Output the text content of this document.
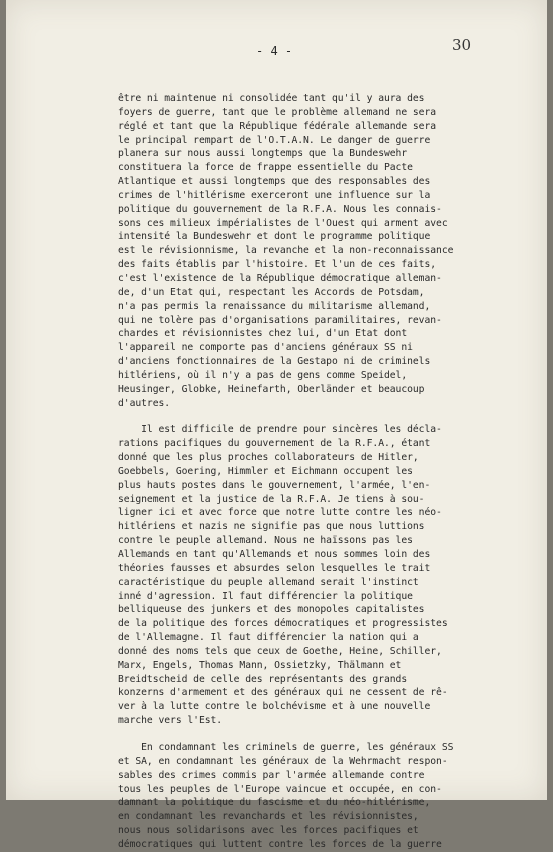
30
- 4 -
être ni maintenue ni consolidée tant qu'il y aura des
foyers de guerre, tant que le problème allemand ne sera
réglé et tant que la République fédérale allemande sera
le principal rempart de l'O.T.A.N. Le danger de guerre
planera sur nous aussi longtemps que la Bundeswehr
constituera la force de frappe essentielle du Pacte
Atlantique et aussi longtemps que des responsables des
crimes de l'hitlérisme exerceront une influence sur la
politique du gouvernement de la R.F.A. Nous les connais-
sons ces milieux impérialistes de l'Ouest qui arment avec
intensité la Bundeswehr et dont le programme politique
est le révisionnisme, la revanche et la non-reconnaissance
des faits établis par l'histoire. Et l'un de ces faits,
c'est l'existence de la République démocratique alleman-
de, d'un Etat qui, respectant les Accords de Potsdam,
n'a pas permis la renaissance du militarisme allemand,
qui ne tolère pas d'organisations paramilitaires, revan-
chardes et révisionnistes chez lui, d'un Etat dont
l'appareil ne comporte pas d'anciens généraux SS ni
d'anciens fonctionnaires de la Gestapo ni de criminels
hitlériens, où il n'y a pas de gens comme Speidel,
Heusinger, Globke, Heinefarth, Oberländer et beaucoup
d'autres.
Il est difficile de prendre pour sincères les décla-
rations pacifiques du gouvernement de la R.F.A., étant
donné que les plus proches collaborateurs de Hitler,
Goebbels, Goering, Himmler et Eichmann occupent les
plus hauts postes dans le gouvernement, l'armée, l'en-
seignement et la justice de la R.F.A. Je tiens à sou-
ligner ici et avec force que notre lutte contre les néo-
hitlériens et nazis ne signifie pas que nous luttions
contre le peuple allemand. Nous ne haïssons pas les
Allemands en tant qu'Allemands et nous sommes loin des
théories fausses et absurdes selon lesquelles le trait
caractéristique du peuple allemand serait l'instinct
inné d'agression. Il faut différencier la politique
belliqueuse des junkers et des monopoles capitalistes
de la politique des forces démocratiques et progressistes
de l'Allemagne. Il faut différencier la nation qui a
donné des noms tels que ceux de Goethe, Heine, Schiller,
Marx, Engels, Thomas Mann, Ossietzky, Thälmann et
Breidtscheid de celle des représentants des grands
konzerns d'armement et des généraux qui ne cessent de rê-
ver à la lutte contre le bolchévisme et à une nouvelle
marche vers l'Est.
En condamnant les criminels de guerre, les généraux SS
et SA, en condamnant les généraux de la Wehrmacht respon-
sables des crimes commis par l'armée allemande contre
tous les peuples de l'Europe vaincue et occupée, en con-
damnant la politique du fascisme et du néo-hitlérisme,
en condamnant les revanchards et les révisionnistes,
nous nous solidarisons avec les forces pacifiques et
démocratiques qui luttent contre les forces de la guerre
